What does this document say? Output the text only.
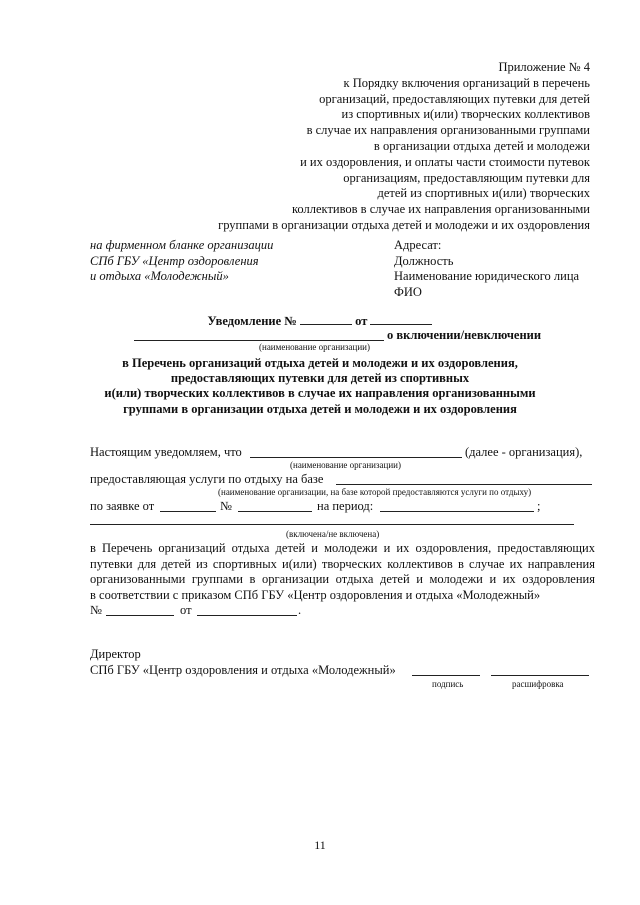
Приложение № 4
к Порядку включения организаций в перечень
организаций, предоставляющих путевки для детей
из спортивных и(или) творческих коллективов
в случае их направления организованными группами
в организации отдыха детей и молодежи
и их оздоровления, и оплаты части стоимости путевок
организациям, предоставляющим путевки для
детей из спортивных и(или) творческих
коллективов в случае их направления организованными
группами в организации отдыха детей и молодежи и их оздоровления
на фирменном бланке организации
СПб ГБУ «Центр оздоровления
и отдыха «Молодежный»
Адресат:
Должность
Наименование юридического лица
ФИО
Уведомление №	от
о включении/невключении
(наименование организации)
в Перечень организаций отдыха детей и молодежи и их оздоровления,
предоставляющих путевки для детей из спортивных
и(или) творческих коллективов в случае их направления организованными
группами в организации отдыха детей и молодежи и их оздоровления
Настоящим уведомляем, что	(далее - организация),
(наименование организации)
предоставляющая услуги по отдыху на базе
(наименование организации, на базе которой предоставляются услуги по отдыху)
по заявке от	№	на период:	;
(включена/не включена)
в Перечень организаций отдыха детей и молодежи и их оздоровления, предоставляющих
путевки для детей из спортивных и(или) творческих коллективов в случае их направления
организованными группами в организации отдыха детей и молодежи и их оздоровления
в соответствии с приказом СПб ГБУ «Центр оздоровления и отдыха «Молодежный»
№	от	.
Директор
СПб ГБУ «Центр оздоровления и отдыха «Молодежный»
подпись	расшифровка
11
